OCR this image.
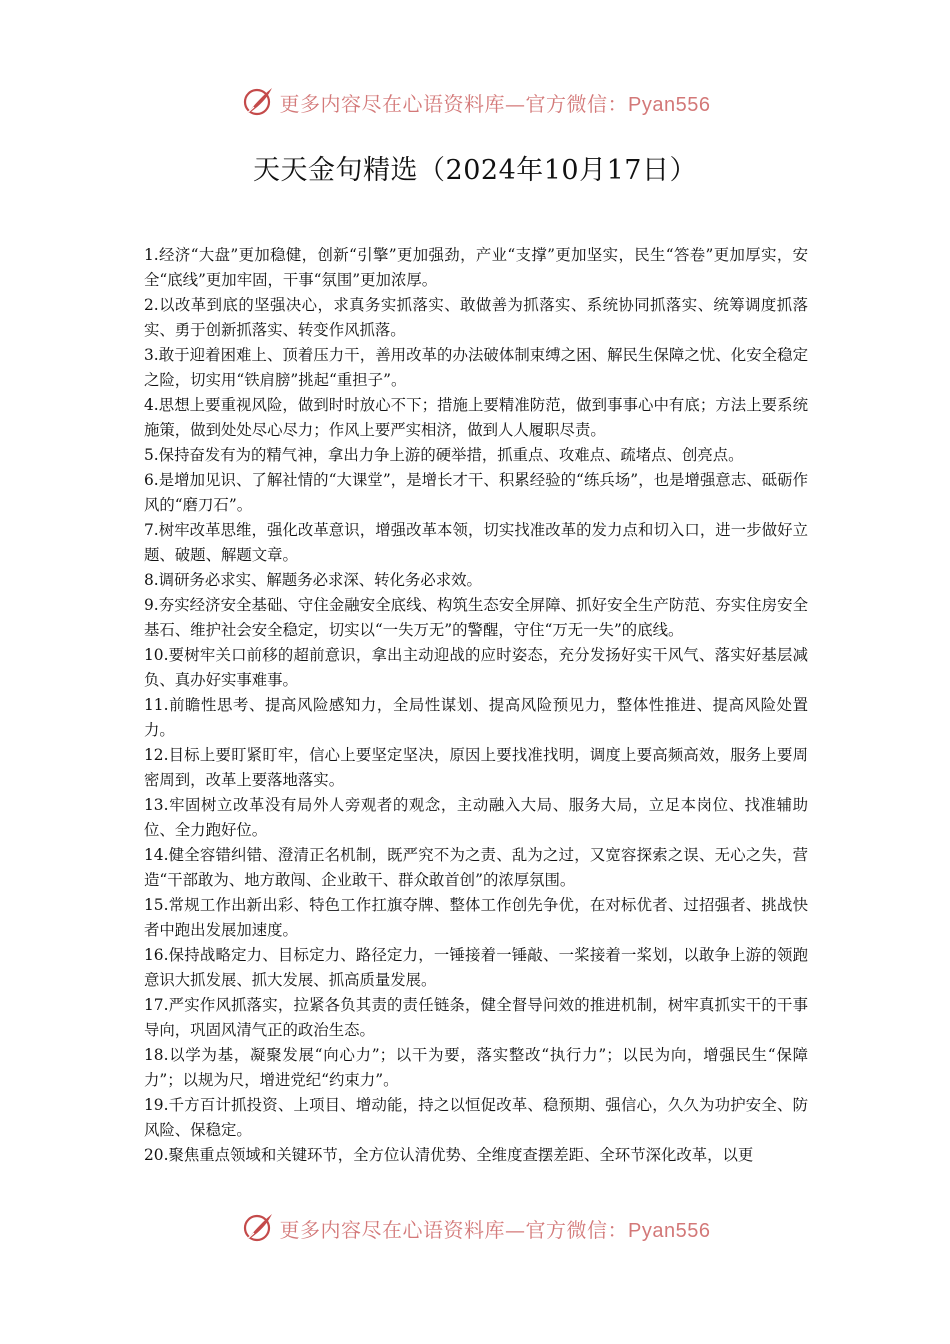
更多内容尽在心语资料库—官方微信：Pyan556
天天金句精选（2024年10月17日）

1.经济“大盘”更加稳健，创新“引擎”更加强劲，产业“支撑”更加坚实，民生“答卷”更加厚实，安全“底线”更加牢固，干事“氛围”更加浓厚。

2.以改革到底的坚强决心，求真务实抓落实、敢做善为抓落实、系统协同抓落实、统筹调度抓落实、勇于创新抓落实、转变作风抓落。

3.敢于迎着困难上、顶着压力干，善用改革的办法破体制束缚之困、解民生保障之忧、化安全稳定之险，切实用“铁肩膀”挑起“重担子”。

4.思想上要重视风险，做到时时放心不下；措施上要精准防范，做到事事心中有底；方法上要系统施策，做到处处尽心尽力；作风上要严实相济，做到人人履职尽责。

5.保持奋发有为的精气神，拿出力争上游的硬举措，抓重点、攻难点、疏堵点、创亮点。

6.是增加见识、了解社情的“大课堂”，是增长才干、积累经验的“练兵场”，也是增强意志、砥砺作风的“磨刀石”。

7.树牢改革思维，强化改革意识，增强改革本领，切实找准改革的发力点和切入口，进一步做好立题、破题、解题文章。

8.调研务必求实、解题务必求深、转化务必求效。

9.夯实经济安全基础、守住金融安全底线、构筑生态安全屏障、抓好安全生产防范、夯实住房安全基石、维护社会安全稳定，切实以“一失万无”的警醒，守住“万无一失”的底线。

10.要树牢关口前移的超前意识，拿出主动迎战的应时姿态，充分发扬好实干风气、落实好基层减负、真办好实事难事。

11.前瞻性思考、提高风险感知力，全局性谋划、提高风险预见力，整体性推进、提高风险处置力。

12.目标上要盯紧盯牢，信心上要坚定坚决，原因上要找准找明，调度上要高频高效，服务上要周密周到，改革上要落地落实。

13.牢固树立改革没有局外人旁观者的观念，主动融入大局、服务大局，立足本岗位、找准辅助位、全力跑好位。

14.健全容错纠错、澄清正名机制，既严究不为之责、乱为之过，又宽容探索之误、无心之失，营造“干部敢为、地方敢闯、企业敢干、群众敢首创”的浓厚氛围。

15.常规工作出新出彩、特色工作扛旗夺牌、整体工作创先争优，在对标优者、过招强者、挑战快者中跑出发展加速度。

16.保持战略定力、目标定力、路径定力，一锤接着一锤敲、一桨接着一桨划，以敢争上游的领跑意识大抓发展、抓大发展、抓高质量发展。

17.严实作风抓落实，拉紧各负其责的责任链条，健全督导问效的推进机制，树牢真抓实干的干事导向，巩固风清气正的政治生态。

18.以学为基，凝聚发展“向心力”；以干为要，落实整改“执行力”；以民为向，增强民生“保障力”；以规为尺，增进党纪“约束力”。

19.千方百计抓投资、上项目、增动能，持之以恒促改革、稳预期、强信心，久久为功护安全、防风险、保稳定。

20.聚焦重点领域和关键环节，全方位认清优势、全维度查摆差距、全环节深化改革，以更

更多内容尽在心语资料库—官方微信：Pyan556
